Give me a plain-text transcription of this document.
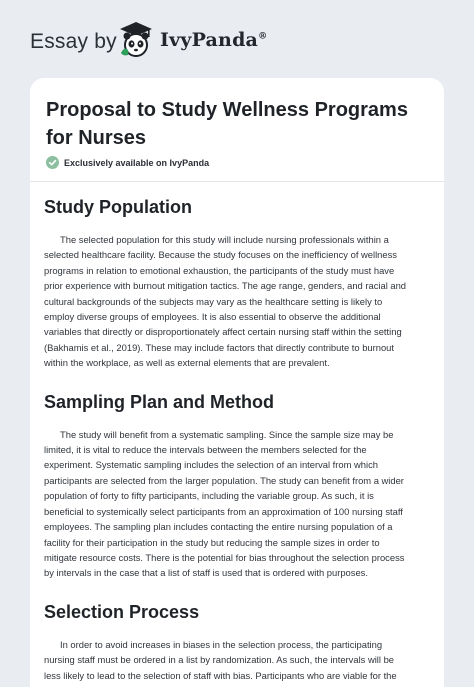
Essay by IvyPanda®
Proposal to Study Wellness Programs
for Nurses
Exclusively available on IvyPanda
Study Population

The selected population for this study will include nursing professionals within a
selected healthcare facility. Because the study focuses on the inefficiency of wellness
programs in relation to emotional exhaustion, the participants of the study must have
prior experience with burnout mitigation tactics. The age range, genders, and racial and
cultural backgrounds of the subjects may vary as the healthcare setting is likely to
employ diverse groups of employees. It is also essential to observe the additional
variables that directly or disproportionately affect certain nursing staff within the setting
(Bakhamis et al., 2019). These may include factors that directly contribute to burnout
within the workplace, as well as external elements that are prevalent.

Sampling Plan and Method

The study will benefit from a systematic sampling. Since the sample size may be
limited, it is vital to reduce the intervals between the members selected for the
experiment. Systematic sampling includes the selection of an interval from which
participants are selected from the larger population. The study can benefit from a wider
population of forty to fifty participants, including the variable group. As such, it is
beneficial to systemically select participants from an approximation of 100 nursing staff
employees. The sampling plan includes contacting the entire nursing population of a
facility for their participation in the study but reducing the sample sizes in order to
mitigate resource costs. There is the potential for bias throughout the selection process
by intervals in the case that a list of staff is used that is ordered with purposes.

Selection Process

In order to avoid increases in biases in the selection process, the participating
nursing staff must be ordered in a list by randomization. As such, the intervals will be
less likely to lead to the selection of staff with bias. Participants who are viable for the
